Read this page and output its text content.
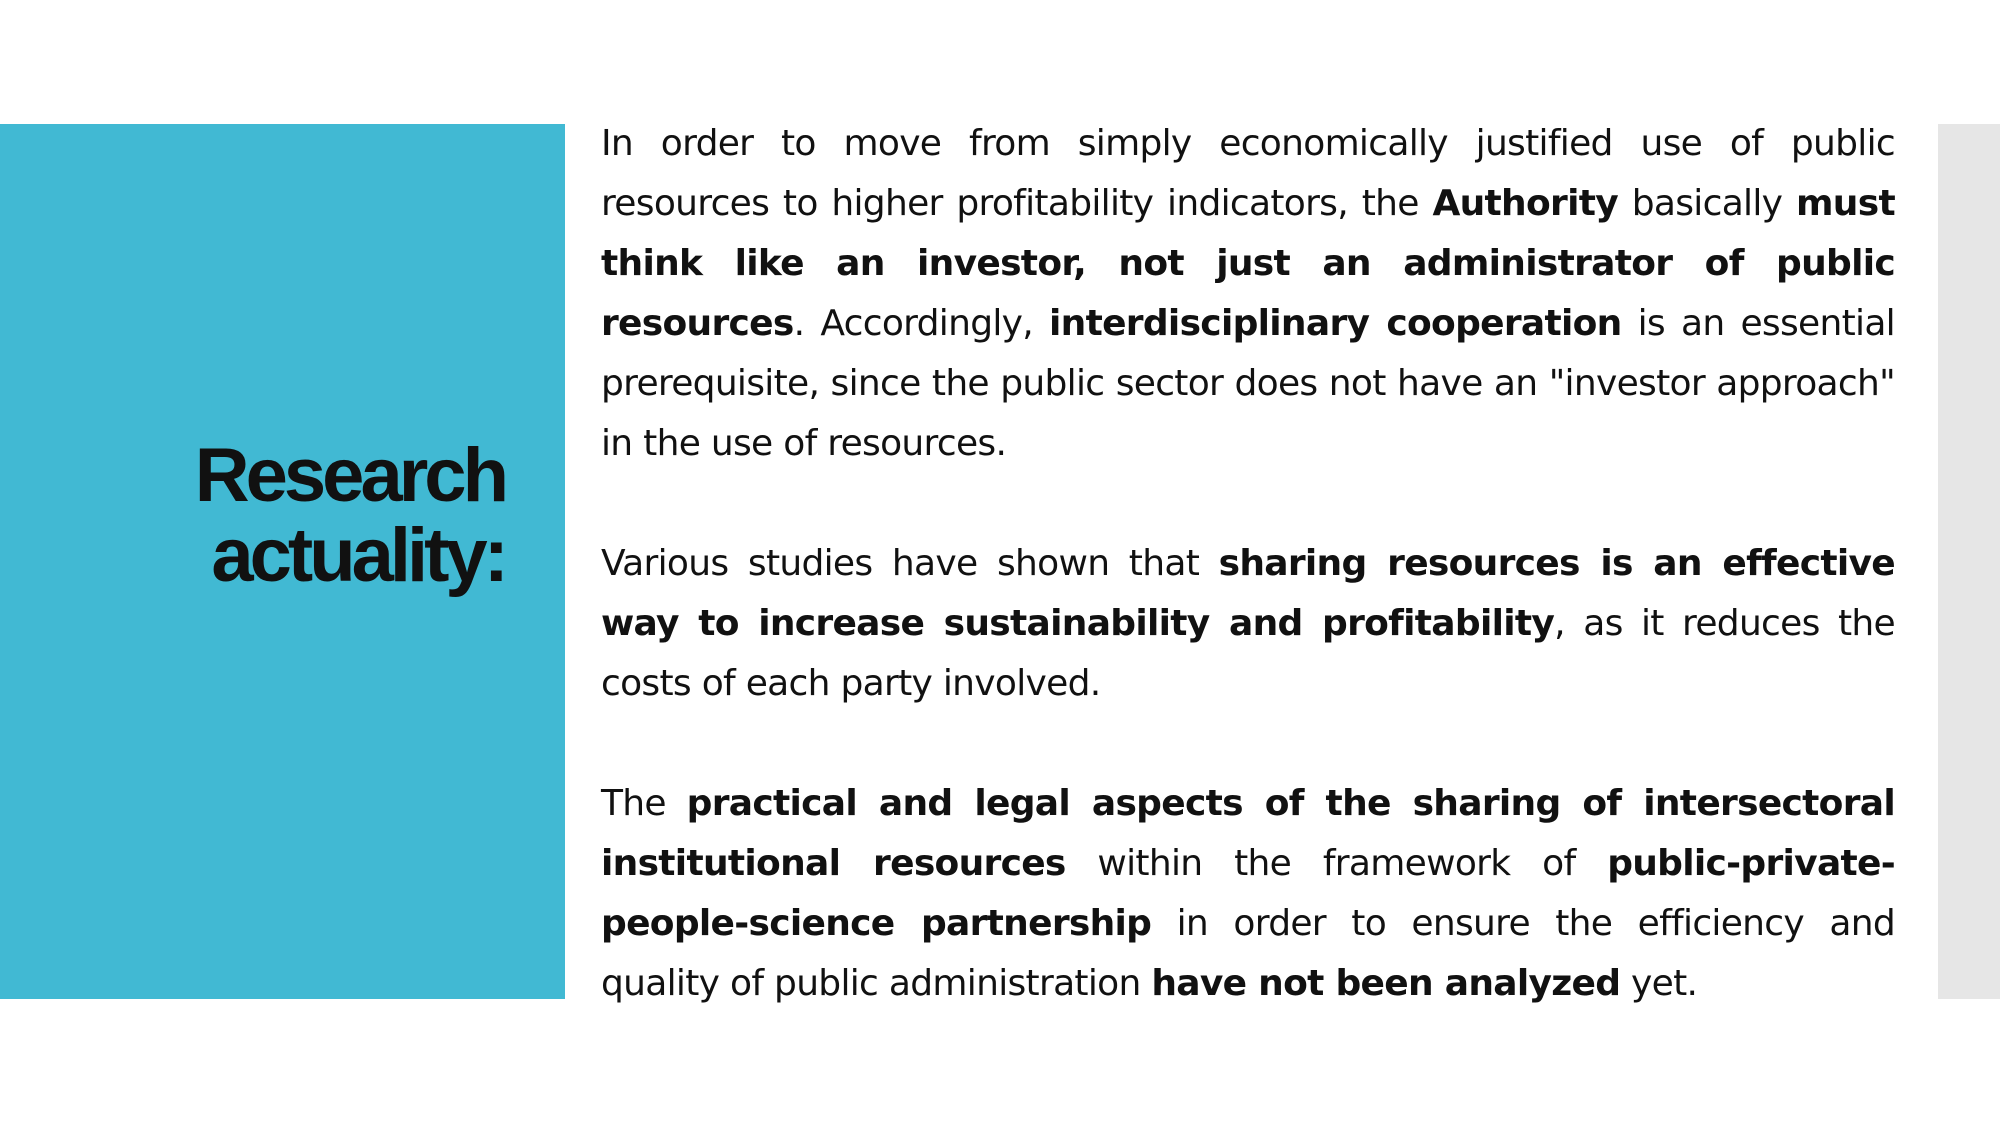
Research
actuality:

In order to move from simply economically justified use of public resources to higher profitability indicators, the Authority basically must think like an investor, not just an administrator of public resources. Accordingly, interdisciplinary cooperation is an essential prerequisite, since the public sector does not have an "investor approach" in the use of resources.

Various studies have shown that sharing resources is an effective way to increase sustainability and profitability, as it reduces the costs of each party involved.

The practical and legal aspects of the sharing of intersectoral institutional resources within the framework of public-private-people-science partnership in order to ensure the efficiency and quality of public administration have not been analyzed yet.
